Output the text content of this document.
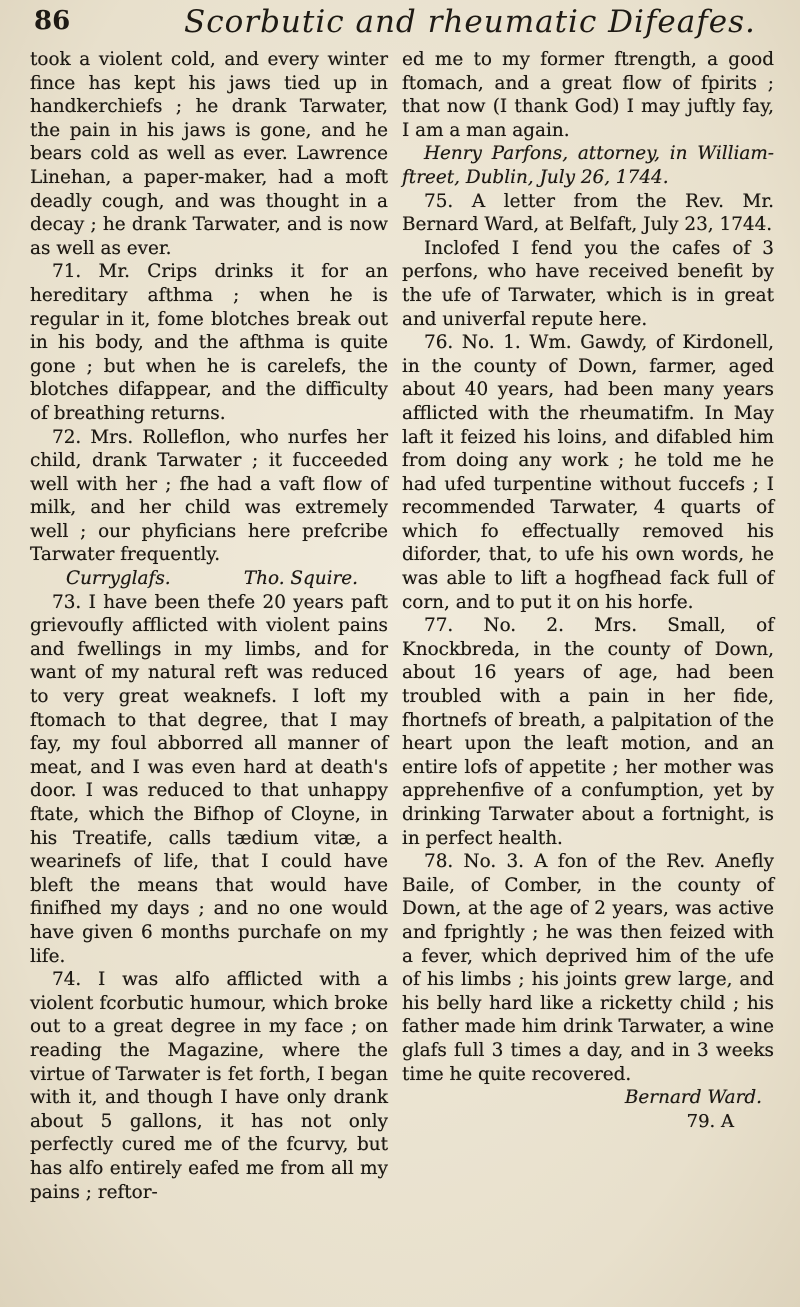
86	Scorbutic and rheumatic Difeafes.

took a violent cold, and every winter fince has kept his jaws tied up in handkerchiefs ; he drank Tarwater, the pain in his jaws is gone, and he bears cold as well as ever. Lawrence Linehan, a paper-maker, had a moft deadly cough, and was thought in a decay ; he drank Tarwater, and is now as well as ever.

71. Mr. Crips drinks it for an hereditary afthma ; when he is regular in it, fome blotches break out in his body, and the afthma is quite gone ; but when he is carelefs, the blotches difappear, and the difficulty of breathing returns.

72. Mrs. Rolleflon, who nurfes her child, drank Tarwater ; it fucceeded well with her ; fhe had a vaft flow of milk, and her child was extremely well ; our phyficians here prefcribe Tarwater frequently.

Curryglafs.	Tho. Squire.

73. I have been thefe 20 years paft grievoufly afflicted with violent pains and fwellings in my limbs, and for want of my natural reft was reduced to very great weaknefs. I loft my ftomach to that degree, that I may fay, my foul abborred all manner of meat, and I was even hard at death's door. I was reduced to that unhappy ftate, which the Bifhop of Cloyne, in his Treatife, calls tædium vitæ, a wearinefs of life, that I could have bleft the means that would have finifhed my days ; and no one would have given 6 months purchafe on my life.

74. I was alfo afflicted with a violent fcorbutic humour, which broke out to a great degree in my face ; on reading the Magazine, where the virtue of Tarwater is fet forth, I began with it, and though I have only drank about 5 gallons, it has not only perfectly cured me of the fcurvy, but has alfo entirely eafed me from all my pains ; reftor-

ed me to my former ftrength, a good ftomach, and a great flow of fpirits ; that now (I thank God) I may juftly fay, I am a man again.

Henry Parfons, attorney, in William-ftreet, Dublin, July 26, 1744.

75. A letter from the Rev. Mr. Bernard Ward, at Belfaft, July 23, 1744.

Inclofed I fend you the cafes of 3 perfons, who have received benefit by the ufe of Tarwater, which is in great and univerfal repute here.

76. No. 1. Wm. Gawdy, of Kirdonell, in the county of Down, farmer, aged about 40 years, had been many years afflicted with the rheumatifm. In May laft it feized his loins, and difabled him from doing any work ; he told me he had ufed turpentine without fuccefs ; I recommended Tarwater, 4 quarts of which fo effectually removed his diforder, that, to ufe his own words, he was able to lift a hogfhead fack full of corn, and to put it on his horfe.

77. No. 2. Mrs. Small, of Knockbreda, in the county of Down, about 16 years of age, had been troubled with a pain in her fide, fhortnefs of breath, a palpitation of the heart upon the leaft motion, and an entire lofs of appetite ; her mother was apprehenfive of a confumption, yet by drinking Tarwater about a fortnight, is in perfect health.

78. No. 3. A fon of the Rev. Anefly Baile, of Comber, in the county of Down, at the age of 2 years, was active and fprightly ; he was then feized with a fever, which deprived him of the ufe of his limbs ; his joints grew large, and his belly hard like a ricketty child ; his father made him drink Tarwater, a wine glafs full 3 times a day, and in 3 weeks time he quite recovered.

Bernard Ward.

79. A
